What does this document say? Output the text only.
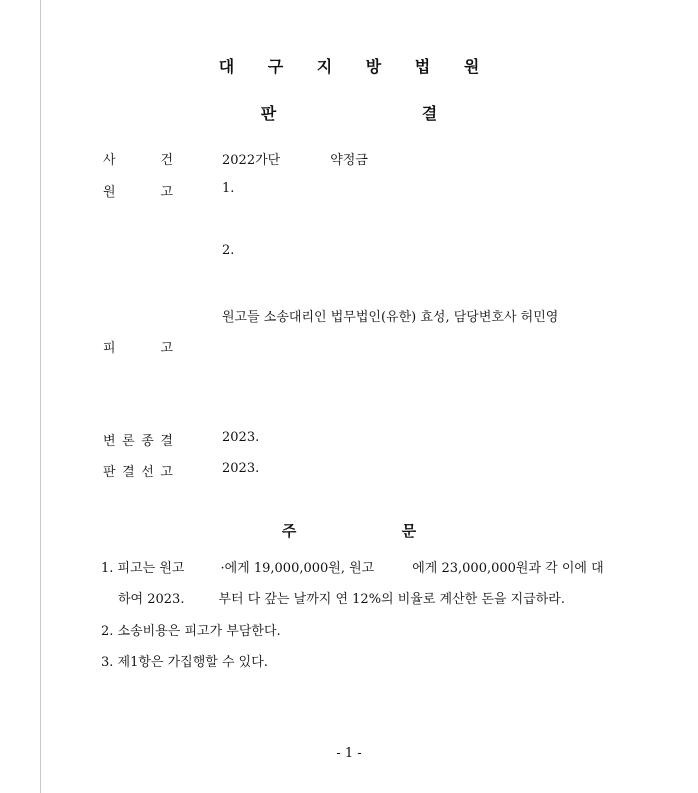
대 구 지 방 법 원
판 결
사	건	2022가단	약정금
원	고	1.
2.
원고들 소송대리인 법무법인(유한) 효성, 담당변호사 허민영
피	고
변 론 종 결	2023.
판 결 선 고	2023.
주 문
1. 피고는 원고	·에게 19,000,000원, 원고	에게 23,000,000원과 각 이에 대
하여 2023.	부터 다 갚는 날까지 연 12%의 비율로 계산한 돈을 지급하라.
2. 소송비용은 피고가 부담한다.
3. 제1항은 가집행할 수 있다.
- 1 -
